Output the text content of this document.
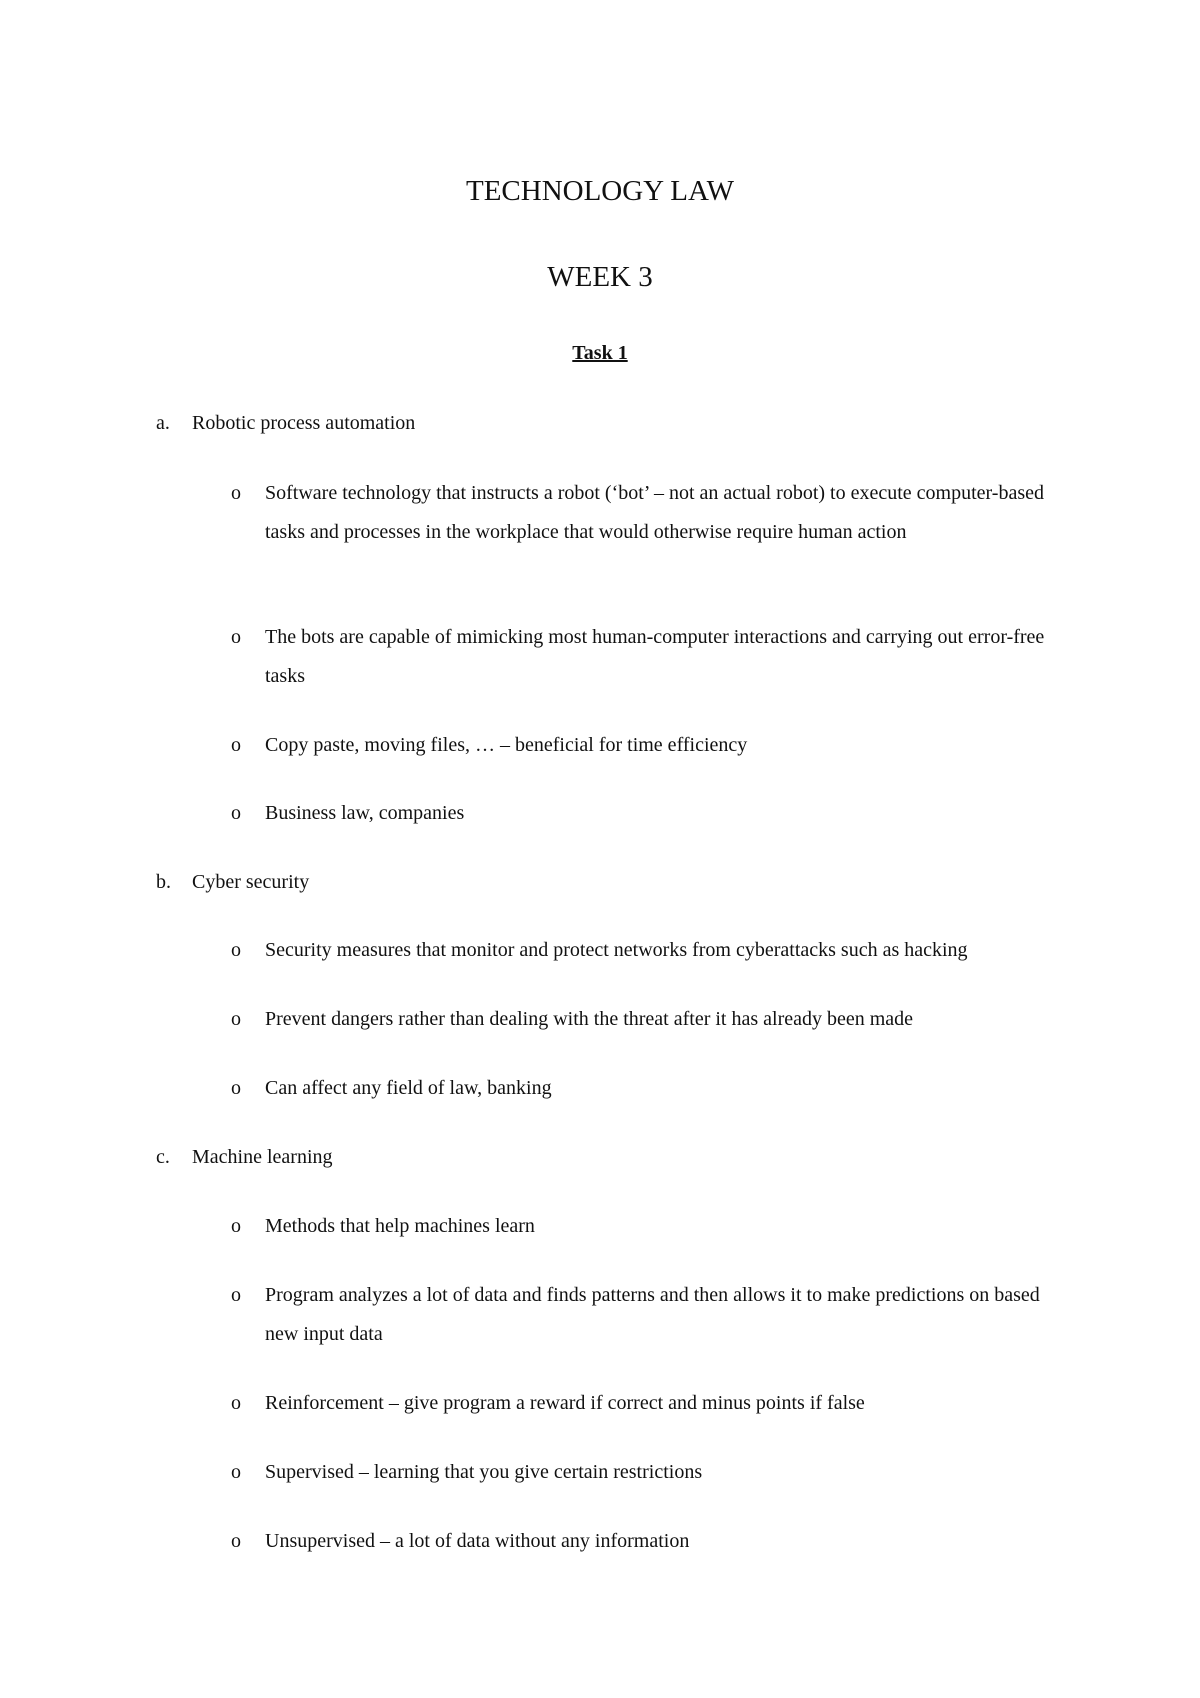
TECHNOLOGY LAW
WEEK 3
Task 1
a. Robotic process automation
o Software technology that instructs a robot (‘bot’ – not an actual robot) to execute computer-based tasks and processes in the workplace that would otherwise require human action
o The bots are capable of mimicking most human-computer interactions and carrying out error-free tasks
o Copy paste, moving files, … – beneficial for time efficiency
o Business law, companies
b. Cyber security
o Security measures that monitor and protect networks from cyberattacks such as hacking
o Prevent dangers rather than dealing with the threat after it has already been made
o Can affect any field of law, banking
c. Machine learning
o Methods that help machines learn
o Program analyzes a lot of data and finds patterns and then allows it to make predictions on based new input data
o Reinforcement – give program a reward if correct and minus points if false
o Supervised – learning that you give certain restrictions
o Unsupervised – a lot of data without any information
